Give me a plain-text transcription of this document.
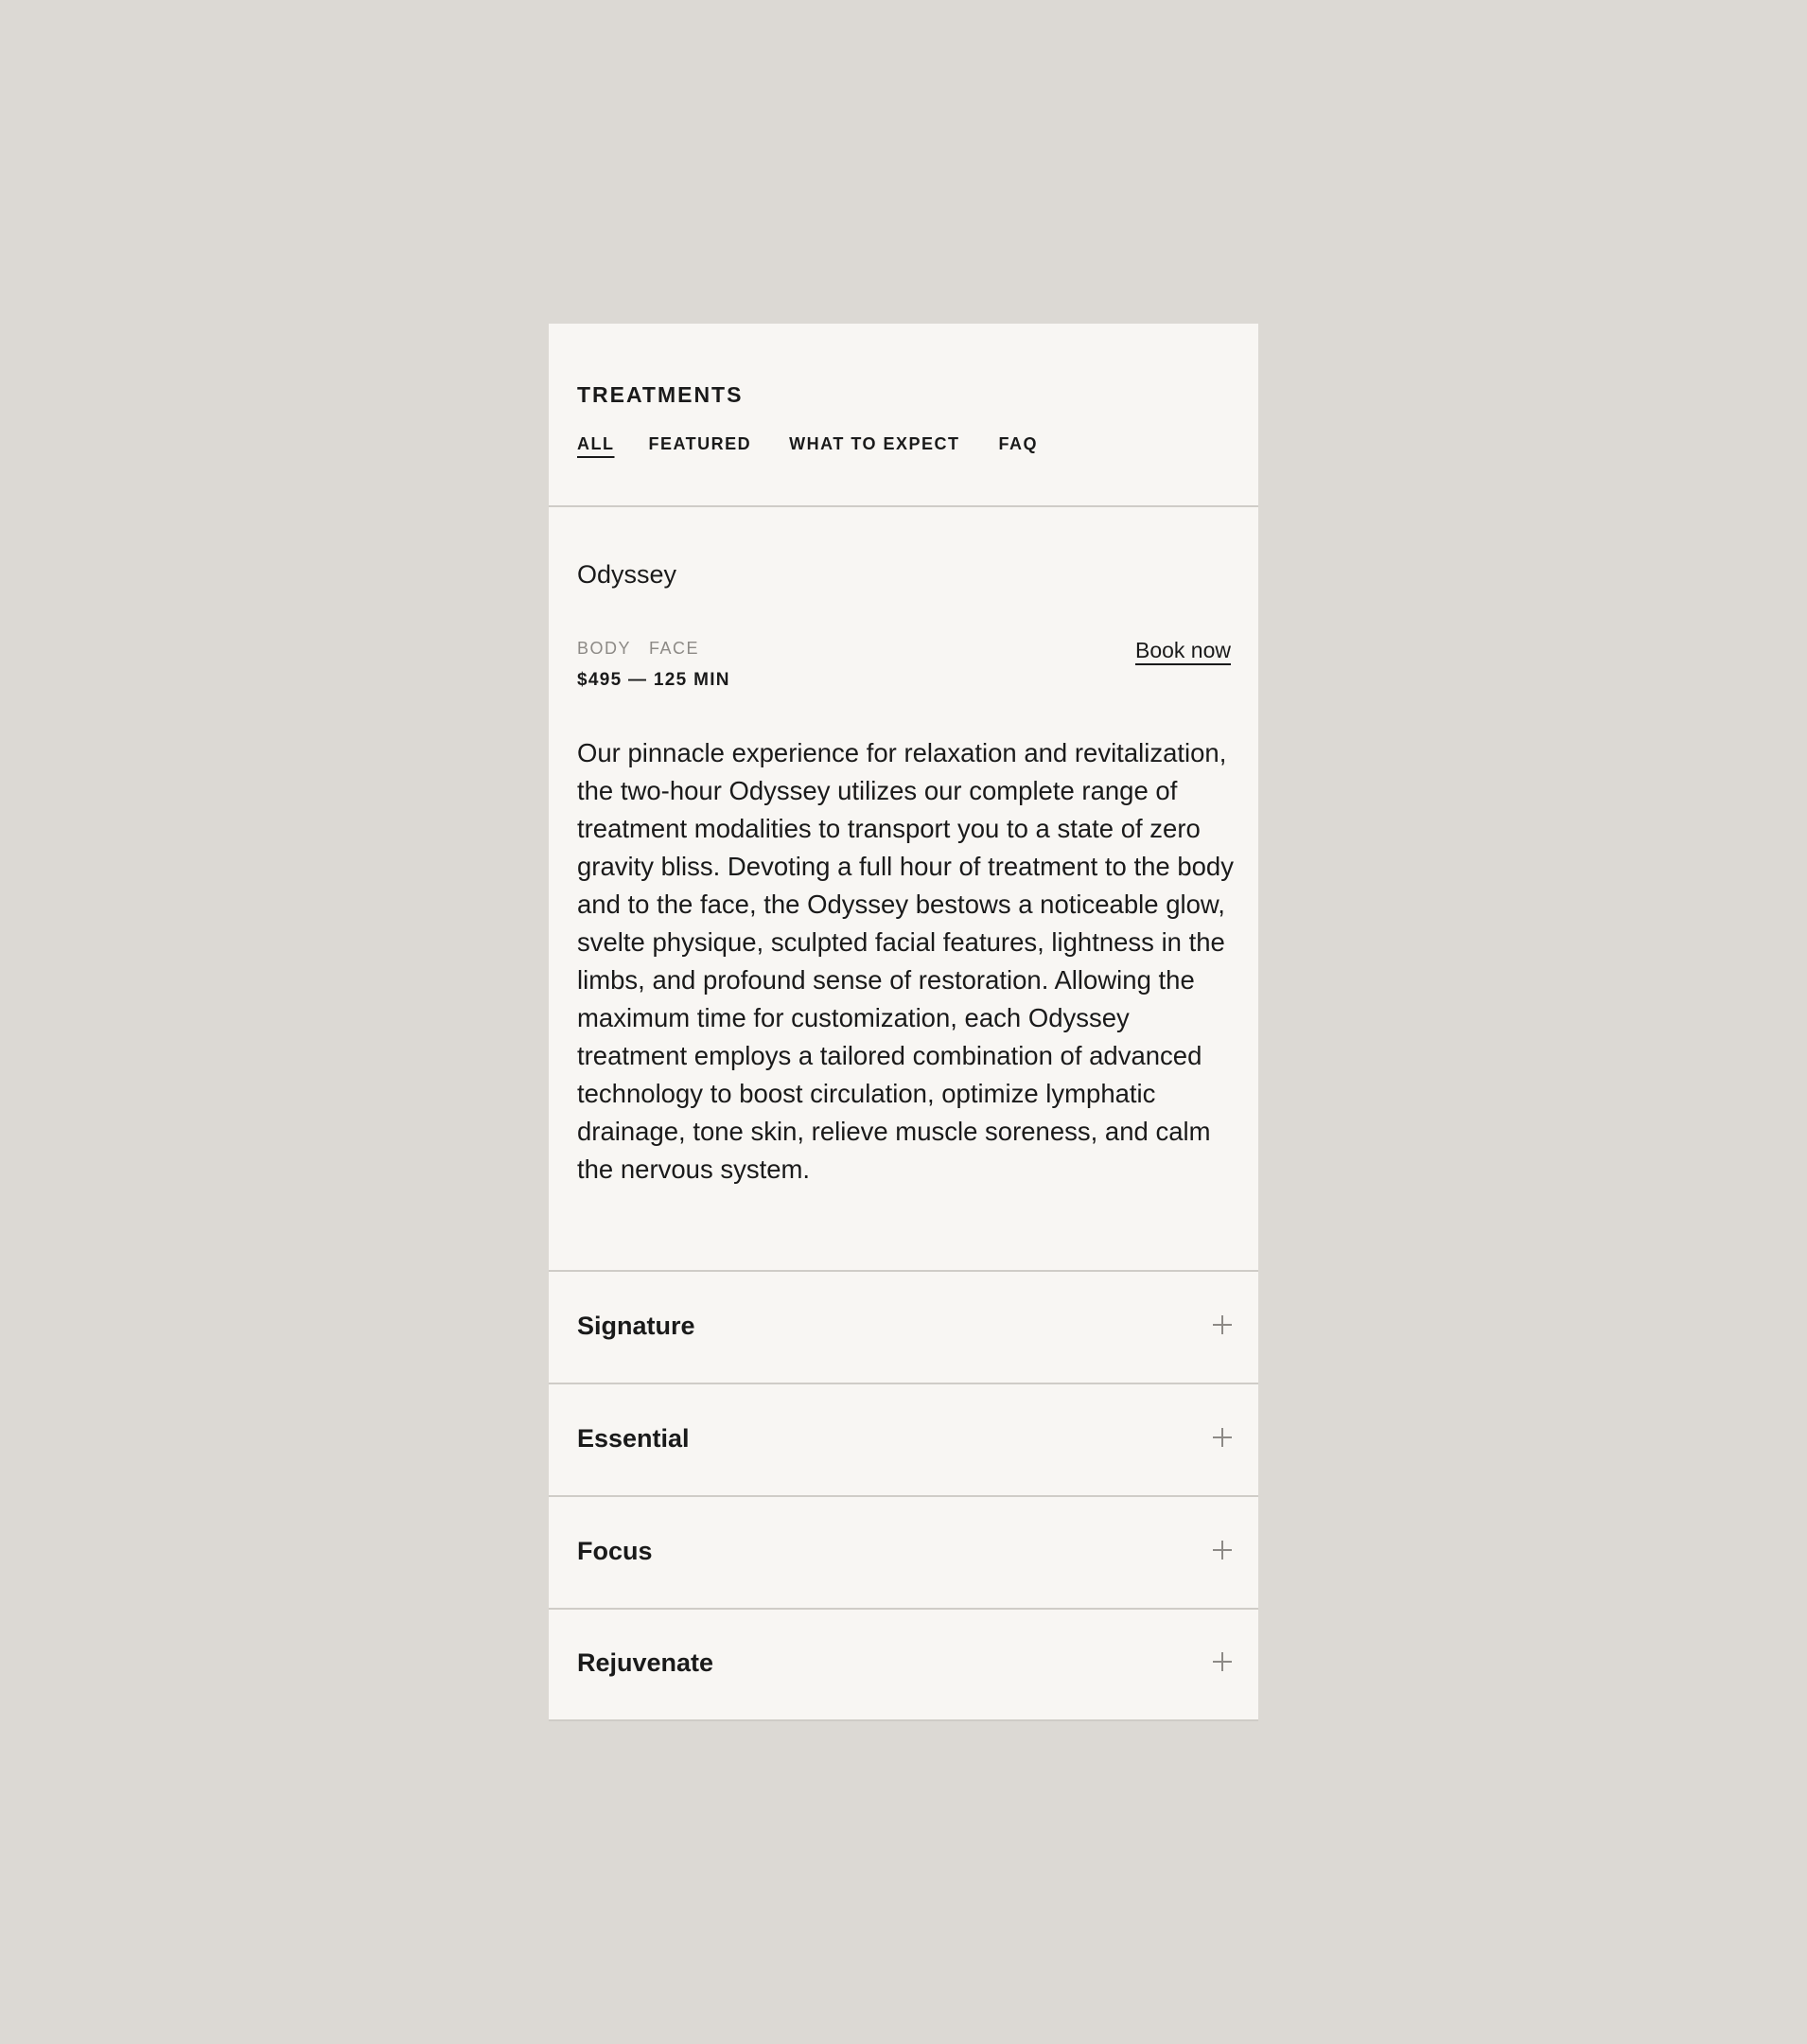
TREATMENTS
ALL FEATURED WHAT TO EXPECT FAQ
Odyssey
BODY FACE
$495 — 125 MIN
Book now

Our pinnacle experience for relaxation and revitalization, the two-hour Odyssey utilizes our complete range of treatment modalities to transport you to a state of zero gravity bliss. Devoting a full hour of treatment to the body and to the face, the Odyssey bestows a noticeable glow, svelte physique, sculpted facial features, lightness in the limbs, and profound sense of restoration. Allowing the maximum time for customization, each Odyssey treatment employs a tailored combination of advanced technology to boost circulation, optimize lymphatic drainage, tone skin, relieve muscle soreness, and calm the nervous system.

Signature
Essential
Focus
Rejuvenate
